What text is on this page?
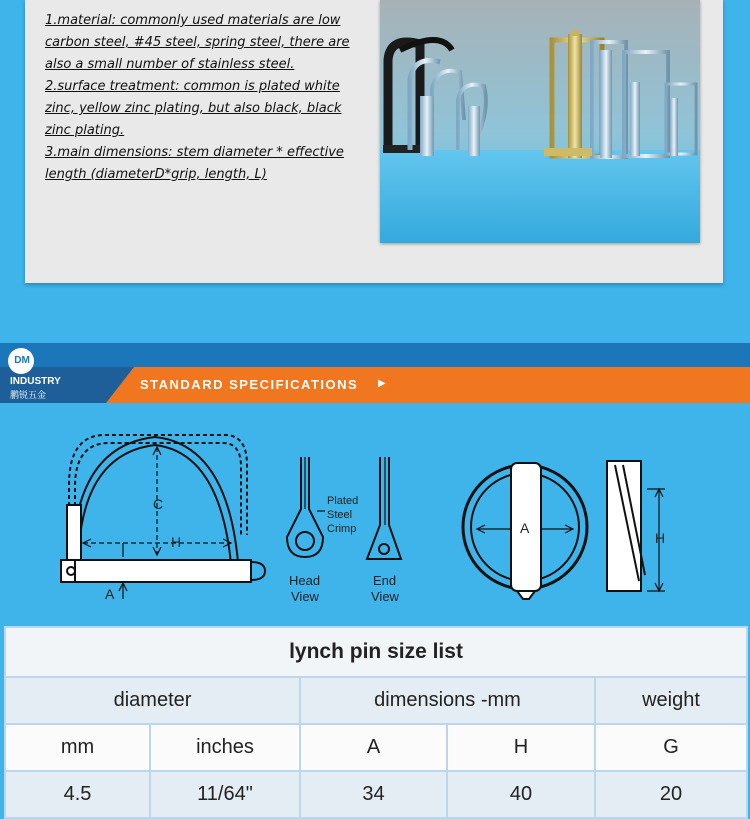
1.material: commonly used materials are low carbon steel, #45 steel, spring steel, there are also a small number of stainless steel.

2.surface treatment: common is plated white zinc, yellow zinc plating, but also black, black zinc plating.

3.main dimensions: stem diameter * effective length (diameterD*grip, length, L)

DM
INDUSTRY
鹏锐五金
STANDARD SPECIFICATIONS ▶
C
H
A
Plated
Steel
Crimp
Head
View
End
View
A
H
lynch pin size list				
diameter		dimensions -mm		weight
mm	inches	A	H	G
4.5	11/64"	34	40	20
